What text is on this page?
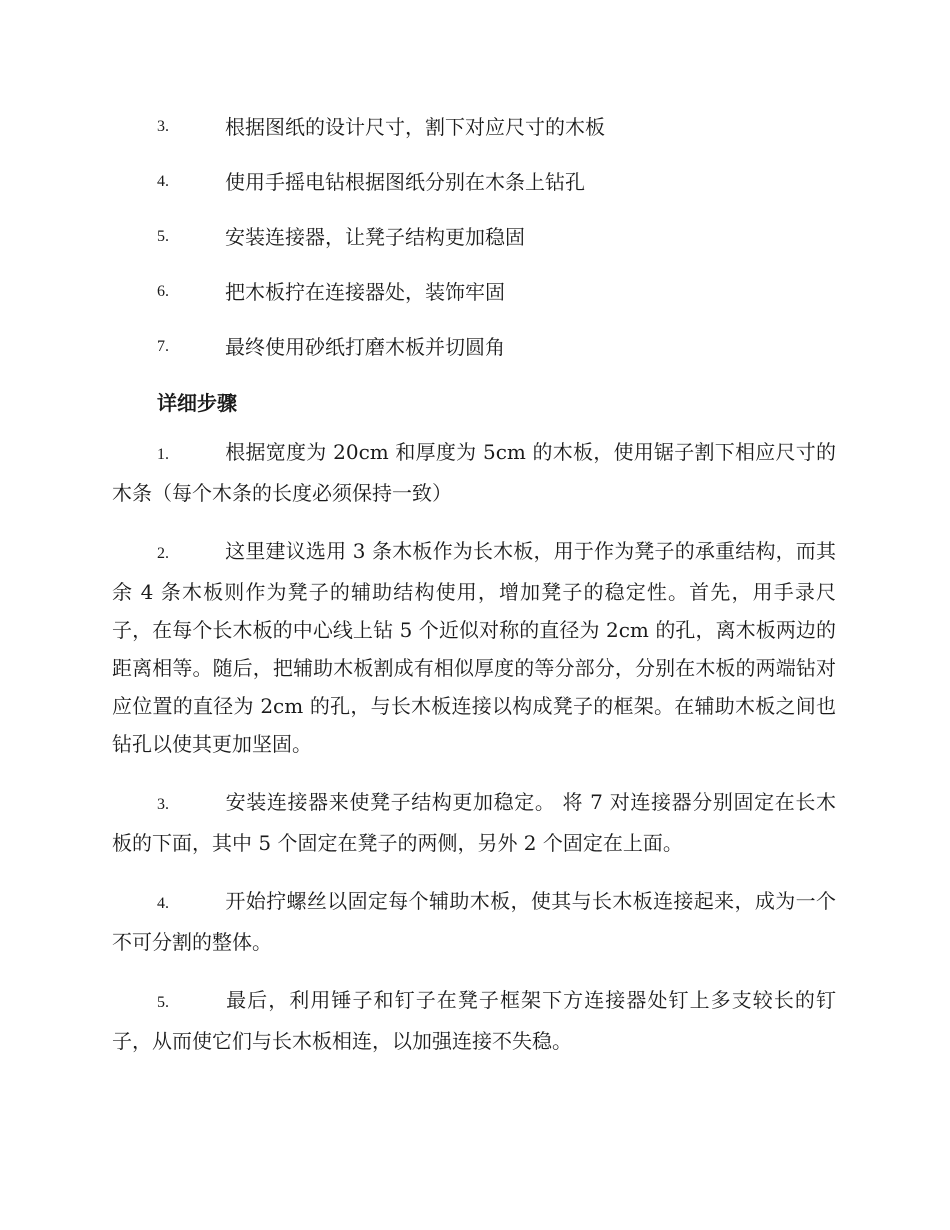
3.	根据图纸的设计尺寸，割下对应尺寸的木板
4.	使用手摇电钻根据图纸分别在木条上钻孔
5.	安装连接器，让凳子结构更加稳固
6.	把木板拧在连接器处，装饰牢固
7.	最终使用砂纸打磨木板并切圆角
详细步骤

1.	根据宽度为 20cm 和厚度为 5cm 的木板，使用锯子割下相应尺寸的木条（每个木条的长度必须保持一致）

2.	这里建议选用 3 条木板作为长木板，用于作为凳子的承重结构，而其余 4 条木板则作为凳子的辅助结构使用，增加凳子的稳定性。首先，用手录尺子，在每个长木板的中心线上钻 5 个近似对称的直径为 2cm 的孔，离木板两边的距离相等。随后，把辅助木板割成有相似厚度的等分部分，分别在木板的两端钻对应位置的直径为 2cm 的孔，与长木板连接以构成凳子的框架。在辅助木板之间也钻孔以使其更加坚固。

3.	安装连接器来使凳子结构更加稳定。 将 7 对连接器分别固定在长木板的下面，其中 5 个固定在凳子的两侧，另外 2 个固定在上面。

4.	开始拧螺丝以固定每个辅助木板，使其与长木板连接起来，成为一个不可分割的整体。

5.	最后，利用锤子和钉子在凳子框架下方连接器处钉上多支较长的钉子，从而使它们与长木板相连，以加强连接不失稳。
